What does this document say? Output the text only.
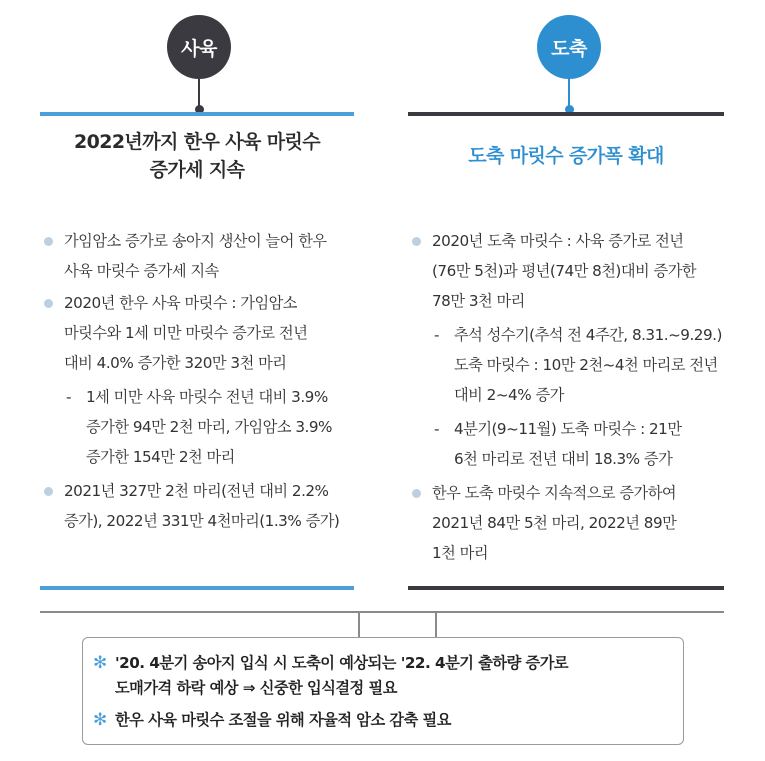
사육
2022년까지 한우 사육 마릿수
증가세 지속
가임암소 증가로 송아지 생산이 늘어 한우
사육 마릿수 증가세 지속
2020년 한우 사육 마릿수 : 가임암소
마릿수와 1세 미만 마릿수 증가로 전년
대비 4.0% 증가한 320만 3천 마리
- 1세 미만 사육 마릿수 전년 대비 3.9%
증가한 94만 2천 마리, 가임암소 3.9%
증가한 154만 2천 마리
2021년 327만 2천 마리(전년 대비 2.2%
증가), 2022년 331만 4천마리(1.3% 증가)
도축
도축 마릿수 증가폭 확대
2020년 도축 마릿수 : 사육 증가로 전년
(76만 5천)과 평년(74만 8천)대비 증가한
78만 3천 마리
- 추석 성수기(추석 전 4주간, 8.31.~9.29.)
도축 마릿수 : 10만 2천~4천 마리로 전년
대비 2~4% 증가
- 4분기(9~11월) 도축 마릿수 : 21만
6천 마리로 전년 대비 18.3% 증가
한우 도축 마릿수 지속적으로 증가하여
2021년 84만 5천 마리, 2022년 89만
1천 마리
✻ '20. 4분기 송아지 입식 시 도축이 예상되는 '22. 4분기 출하량 증가로
도매가격 하락 예상 ⇒ 신중한 입식결정 필요
✻ 한우 사육 마릿수 조절을 위해 자율적 암소 감축 필요
